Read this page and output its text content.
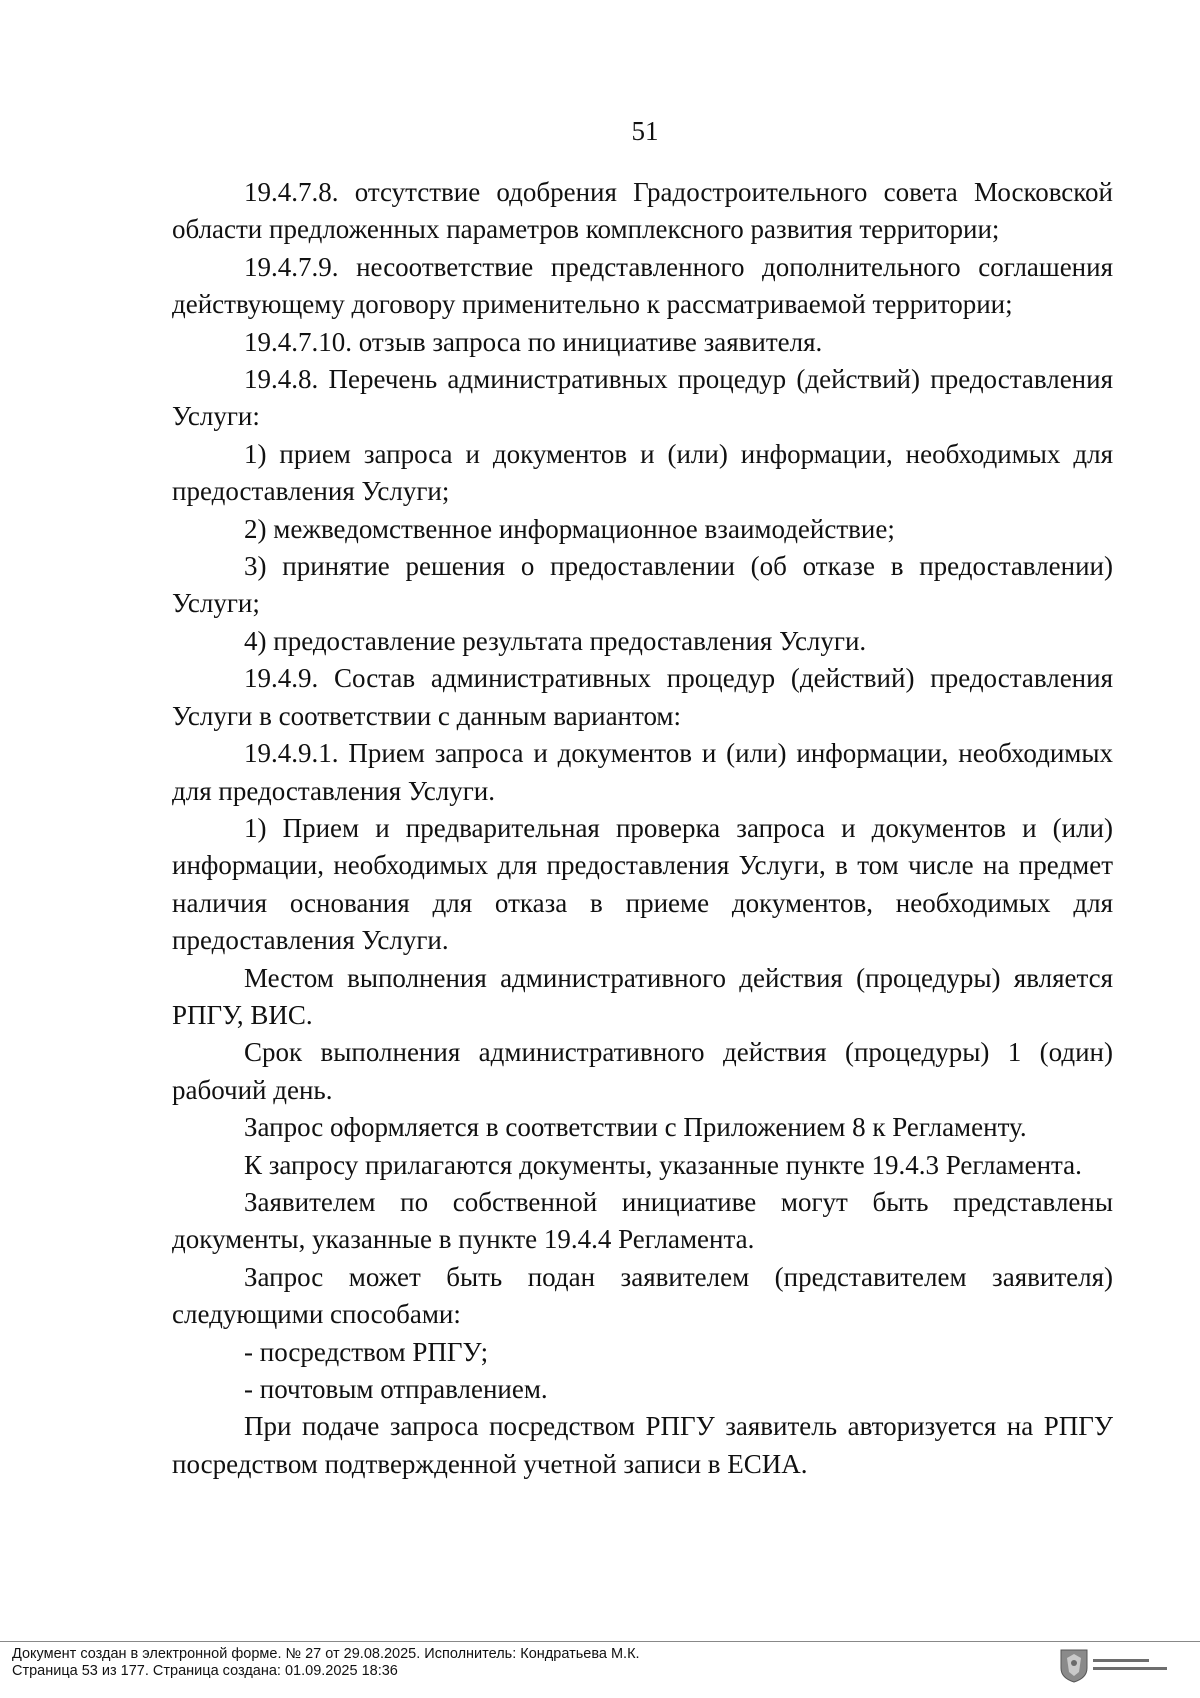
51

19.4.7.8. отсутствие одобрения Градостроительного совета Московской области предложенных параметров комплексного развития территории;

19.4.7.9. несоответствие представленного дополнительного соглашения действующему договору применительно к рассматриваемой территории;

19.4.7.10. отзыв запроса по инициативе заявителя.

19.4.8. Перечень административных процедур (действий) предоставления Услуги:

1) прием запроса и документов и (или) информации, необходимых для предоставления Услуги;

2) межведомственное информационное взаимодействие;

3) принятие решения о предоставлении (об отказе в предоставлении) Услуги;

4) предоставление результата предоставления Услуги.

19.4.9. Состав административных процедур (действий) предоставления Услуги в соответствии с данным вариантом:

19.4.9.1. Прием запроса и документов и (или) информации, необходимых для предоставления Услуги.

1) Прием и предварительная проверка запроса и документов и (или) информации, необходимых для предоставления Услуги, в том числе на предмет наличия основания для отказа в приеме документов, необходимых для предоставления Услуги.

Местом выполнения административного действия (процедуры) является РПГУ, ВИС.

Срок выполнения административного действия (процедуры) 1 (один) рабочий день.

Запрос оформляется в соответствии с Приложением 8 к Регламенту.

К запросу прилагаются документы, указанные пункте 19.4.3 Регламента.

Заявителем по собственной инициативе могут быть представлены документы, указанные в пункте 19.4.4 Регламента.

Запрос может быть подан заявителем (представителем заявителя) следующими способами:

- посредством РПГУ;

- почтовым отправлением.

При подаче запроса посредством РПГУ заявитель авторизуется на РПГУ посредством подтвержденной учетной записи в ЕСИА.

Документ создан в электронной форме. № 27 от 29.08.2025. Исполнитель: Кондратьева М.К.
Страница 53 из 177. Страница создана: 01.09.2025 18:36
